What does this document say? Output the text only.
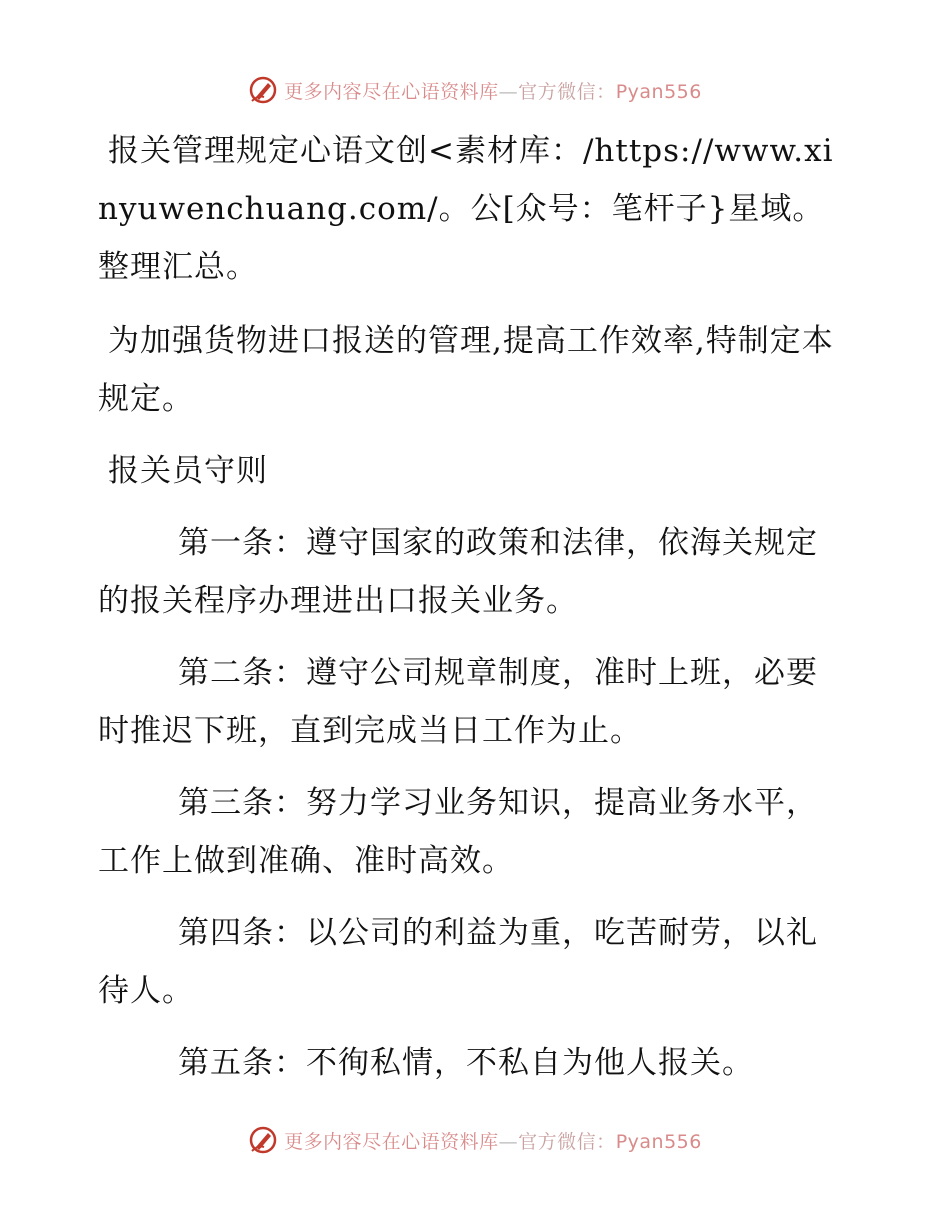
更多内容尽在心语资料库—官方微信：Pyan556

报关管理规定心语文创<素材库：/https://www.xinyuwenchuang.com/。公[众号：笔杆子}星域。整理汇总。

为加强货物进口报送的管理,提高工作效率,特制定本规定。

报关员守则

第一条：遵守国家的政策和法律，依海关规定的报关程序办理进出口报关业务。

第二条：遵守公司规章制度，准时上班，必要时推迟下班，直到完成当日工作为止。

第三条：努力学习业务知识，提高业务水平，工作上做到准确、准时高效。

第四条：以公司的利益为重，吃苦耐劳，以礼待人。

第五条：不徇私情，不私自为他人报关。

更多内容尽在心语资料库—官方微信：Pyan556
